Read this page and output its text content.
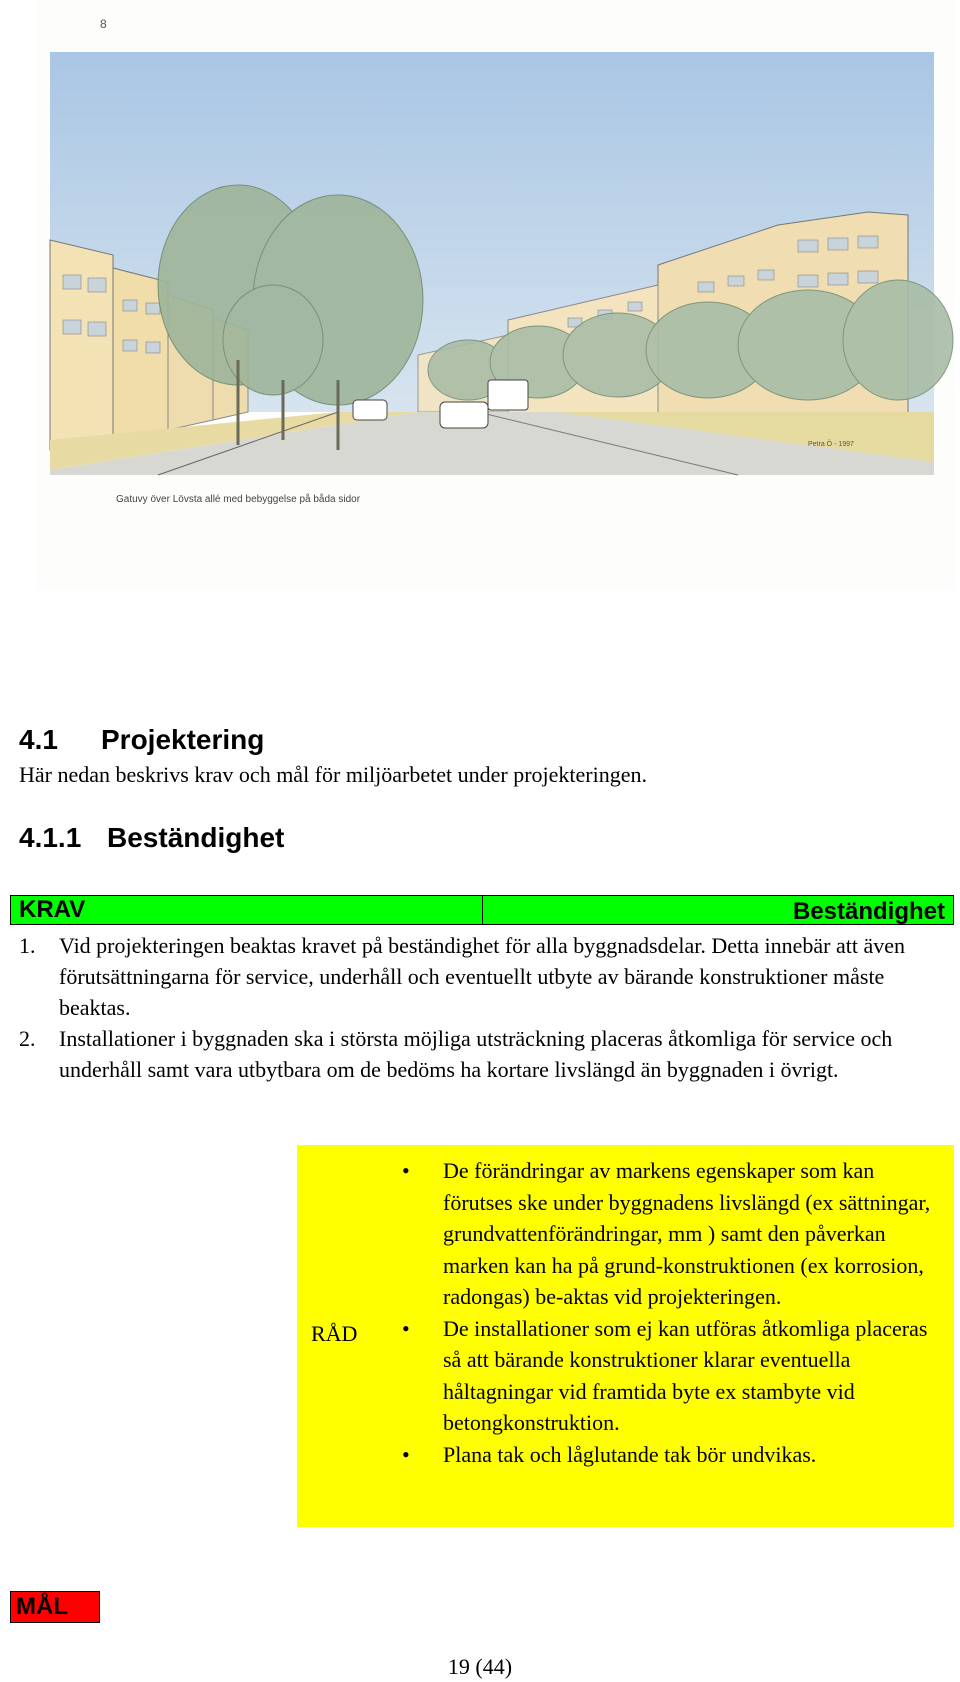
Petra Ö - 1997
8
Gatuvy över Lövsta allé med bebyggelse på båda sidor
4.1 Projektering

Här nedan beskrivs krav och mål för miljöarbetet under projekteringen.

4.1.1 Beständighet
KRAV	Beständighet
1. Vid projekteringen beaktas kravet på beständighet för alla byggnadsdelar. Detta innebär att även förutsättningarna för service, underhåll och eventuellt utbyte av bärande konstruktioner måste beaktas.
2. Installationer i byggnaden ska i största möjliga utsträckning placeras åtkomliga för service och underhåll samt vara utbytbara om de bedöms ha kortare livslängd än byggnaden i övrigt.
RÅD
• De förändringar av markens egenskaper som kan förutses ske under byggnadens livslängd (ex sättningar, grundvattenförändringar, mm ) samt den påverkan marken kan ha på grund-konstruktionen (ex korrosion, radongas) be-aktas vid projekteringen.
• De installationer som ej kan utföras åtkomliga placeras så att bärande konstruktioner klarar eventuella håltagningar vid framtida byte ex stambyte vid betongkonstruktion.
• Plana tak och låglutande tak bör undvikas.
MÅL
19 (44)
